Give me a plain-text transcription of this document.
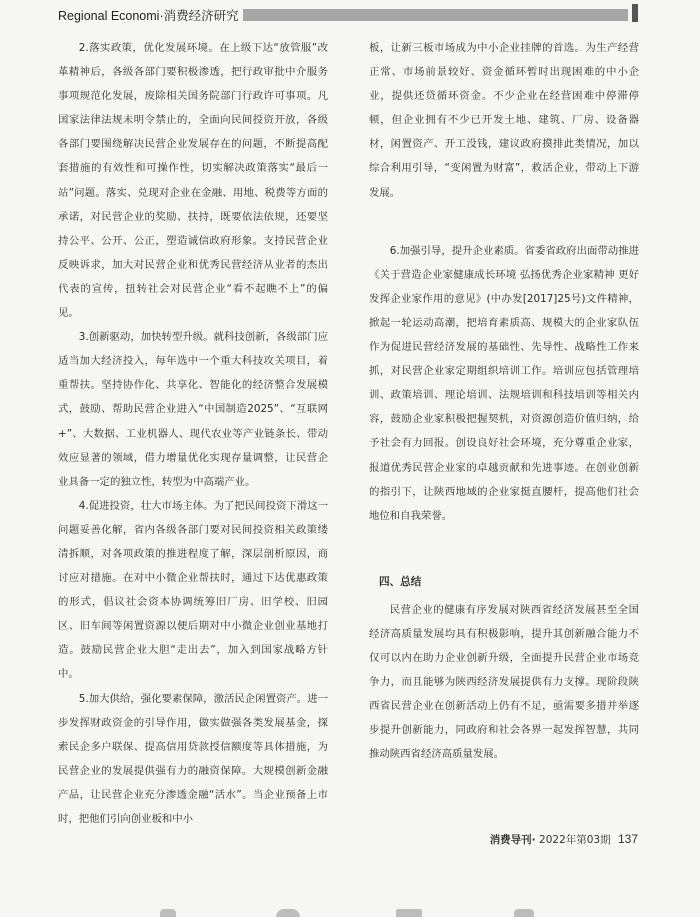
Regional Economi·消费经济研究

2.落实政策，优化发展环境。在上级下达“放管服”改革精神后，各级各部门要积极渗透，把行政审批中介服务事项规范化发展，废除相关国务院部门行政许可事项。凡国家法律法规未明令禁止的，全面向民间投资开放，各级各部门要围绕解决民营企业发展存在的问题，不断提高配套措施的有效性和可操作性，切实解决政策落实“最后一站”问题。落实、兑现对企业在金融、用地、税费等方面的承诺，对民营企业的奖励、扶持，既要依法依规，还要坚持公平、公开、公正，塑造诚信政府形象。支持民营企业反映诉求，加大对民营企业和优秀民营经济从业者的杰出代表的宣传，扭转社会对民营企业“看不起瞧不上”的偏见。

3.创新驱动，加快转型升级。就科技创新，各级部门应适当加大经济投入，每年选中一个重大科技攻关项目，着重帮扶。坚持协作化、共享化、智能化的经济整合发展模式，鼓励、帮助民营企业进入“中国制造2025”、“互联网+”、大数据、工业机器人、现代农业等产业链条长、带动效应显著的领域，借力增量优化实现存量调整，让民营企业具备一定的独立性，转型为中高端产业。

4.促进投资，壮大市场主体。为了把民间投资下滑这一问题妥善化解，省内各级各部门要对民间投资相关政策缕清拆顺，对各项政策的推进程度了解，深层剖析原因，商讨应对措施。在对中小微企业帮扶时，通过下达优惠政策的形式，倡议社会资本协调统筹旧厂房、旧学校、旧园区、旧车间等闲置资源以便后期对中小微企业创业基地打造。鼓励民营企业大胆“走出去”，加入到国家战略方针中。

5.加大供给，强化要素保障，激活民企闲置资产。进一步发挥财政资金的引导作用，做实做强各类发展基金，探索民企多户联保、提高信用贷款授信额度等具体措施，为民营企业的发展提供强有力的融资保障。大规模创新金融产品，让民营企业充分渗透金融“活水”。当企业预备上市时，把他们引向创业板和中小

板，让新三板市场成为中小企业挂牌的首选。为生产经营正常、市场前景较好、资金循环暂时出现困难的中小企业，提供还贷循环资金。不少企业在经营困难中停滞停顿，但企业拥有不少已开发土地、建筑、厂房、设备器材，闲置资产、开工没钱，建议政府摸排此类情况，加以综合利用引导，“变闲置为财富”，救活企业，带动上下游发展。

6.加强引导，提升企业素质。省委省政府出面带动推进《关于营造企业家健康成长环境 弘扬优秀企业家精神 更好发挥企业家作用的意见》(中办发[2017]25号)文件精神，掀起一轮运动高潮，把培育素质高、规模大的企业家队伍作为促进民营经济发展的基础性、先导性、战略性工作来抓，对民营企业家定期组织培训工作。培训应包括管理培训、政策培训、理论培训、法规培训和科技培训等相关内容，鼓励企业家积极把握契机，对资源创造价值归纳，给予社会有力回报。创设良好社会环境，充分尊重企业家，报道优秀民营企业家的卓越贡献和先进事迹。在创业创新的指引下，让陕西地域的企业家挺直腰杆，提高他们社会地位和自我荣誉。

四、总结

民营企业的健康有序发展对陕西省经济发展甚至全国经济高质量发展均具有积极影响，提升其创新融合能力不仅可以内在助力企业创新升级，全面提升民营企业市场竞争力，而且能够为陕西经济发展提供有力支撑。现阶段陕西省民营企业在创新活动上仍有不足，亟需要多措并举逐步提升创新能力，同政府和社会各界一起发挥智慧，共同推动陕西省经济高质量发展。

消费导刊· 2022年第03期 137
